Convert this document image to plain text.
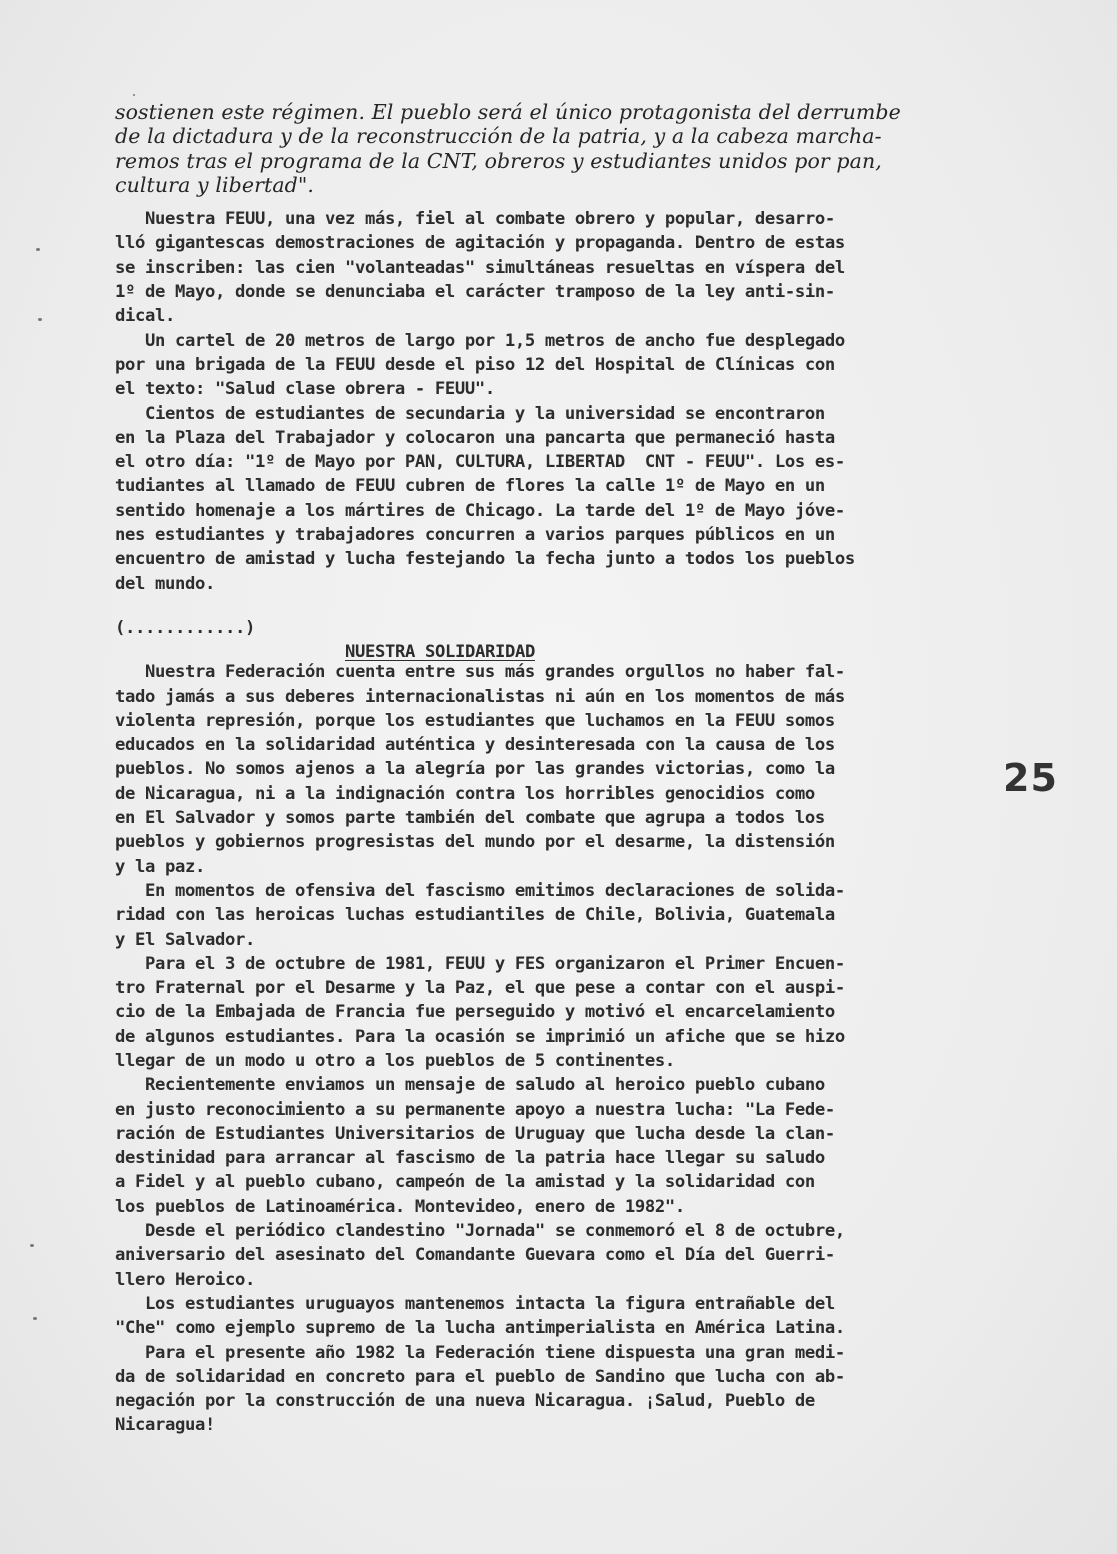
sostienen este régimen. El pueblo será el único protagonista del derrumbe
de la dictadura y de la reconstrucción de la patria, y a la cabeza marcha-
remos tras el programa de la CNT, obreros y estudiantes unidos por pan,
cultura y libertad".
Nuestra FEUU, una vez más, fiel al combate obrero y popular, desarro-
lló gigantescas demostraciones de agitación y propaganda. Dentro de estas
se inscriben: las cien "volanteadas" simultáneas resueltas en víspera del
1º de Mayo, donde se denunciaba el carácter tramposo de la ley anti-sin-
dical.
Un cartel de 20 metros de largo por 1,5 metros de ancho fue desplegado
por una brigada de la FEUU desde el piso 12 del Hospital de Clínicas con
el texto: "Salud clase obrera - FEUU".
Cientos de estudiantes de secundaria y la universidad se encontraron
en la Plaza del Trabajador y colocaron una pancarta que permaneció hasta
el otro día: "1º de Mayo por PAN, CULTURA, LIBERTAD  CNT - FEUU". Los es-
tudiantes al llamado de FEUU cubren de flores la calle 1º de Mayo en un
sentido homenaje a los mártires de Chicago. La tarde del 1º de Mayo jóve-
nes estudiantes y trabajadores concurren a varios parques públicos en un
encuentro de amistad y lucha festejando la fecha junto a todos los pueblos
del mundo.
(............)
NUESTRA SOLIDARIDAD
Nuestra Federación cuenta entre sus más grandes orgullos no haber fal-
tado jamás a sus deberes internacionalistas ni aún en los momentos de más
violenta represión, porque los estudiantes que luchamos en la FEUU somos
educados en la solidaridad auténtica y desinteresada con la causa de los
pueblos. No somos ajenos a la alegría por las grandes victorias, como la
de Nicaragua, ni a la indignación contra los horribles genocidios como
en El Salvador y somos parte también del combate que agrupa a todos los
pueblos y gobiernos progresistas del mundo por el desarme, la distensión
y la paz.
En momentos de ofensiva del fascismo emitimos declaraciones de solida-
ridad con las heroicas luchas estudiantiles de Chile, Bolivia, Guatemala
y El Salvador.
Para el 3 de octubre de 1981, FEUU y FES organizaron el Primer Encuen-
tro Fraternal por el Desarme y la Paz, el que pese a contar con el auspi-
cio de la Embajada de Francia fue perseguido y motivó el encarcelamiento
de algunos estudiantes. Para la ocasión se imprimió un afiche que se hizo
llegar de un modo u otro a los pueblos de 5 continentes.
Recientemente enviamos un mensaje de saludo al heroico pueblo cubano
en justo reconocimiento a su permanente apoyo a nuestra lucha: "La Fede-
ración de Estudiantes Universitarios de Uruguay que lucha desde la clan-
destinidad para arrancar al fascismo de la patria hace llegar su saludo
a Fidel y al pueblo cubano, campeón de la amistad y la solidaridad con
los pueblos de Latinoamérica. Montevideo, enero de 1982".
Desde el periódico clandestino "Jornada" se conmemoró el 8 de octubre,
aniversario del asesinato del Comandante Guevara como el Día del Guerri-
llero Heroico.
Los estudiantes uruguayos mantenemos intacta la figura entrañable del
"Che" como ejemplo supremo de la lucha antimperialista en América Latina.
Para el presente año 1982 la Federación tiene dispuesta una gran medi-
da de solidaridad en concreto para el pueblo de Sandino que lucha con ab-
negación por la construcción de una nueva Nicaragua. ¡Salud, Pueblo de
Nicaragua!
25
